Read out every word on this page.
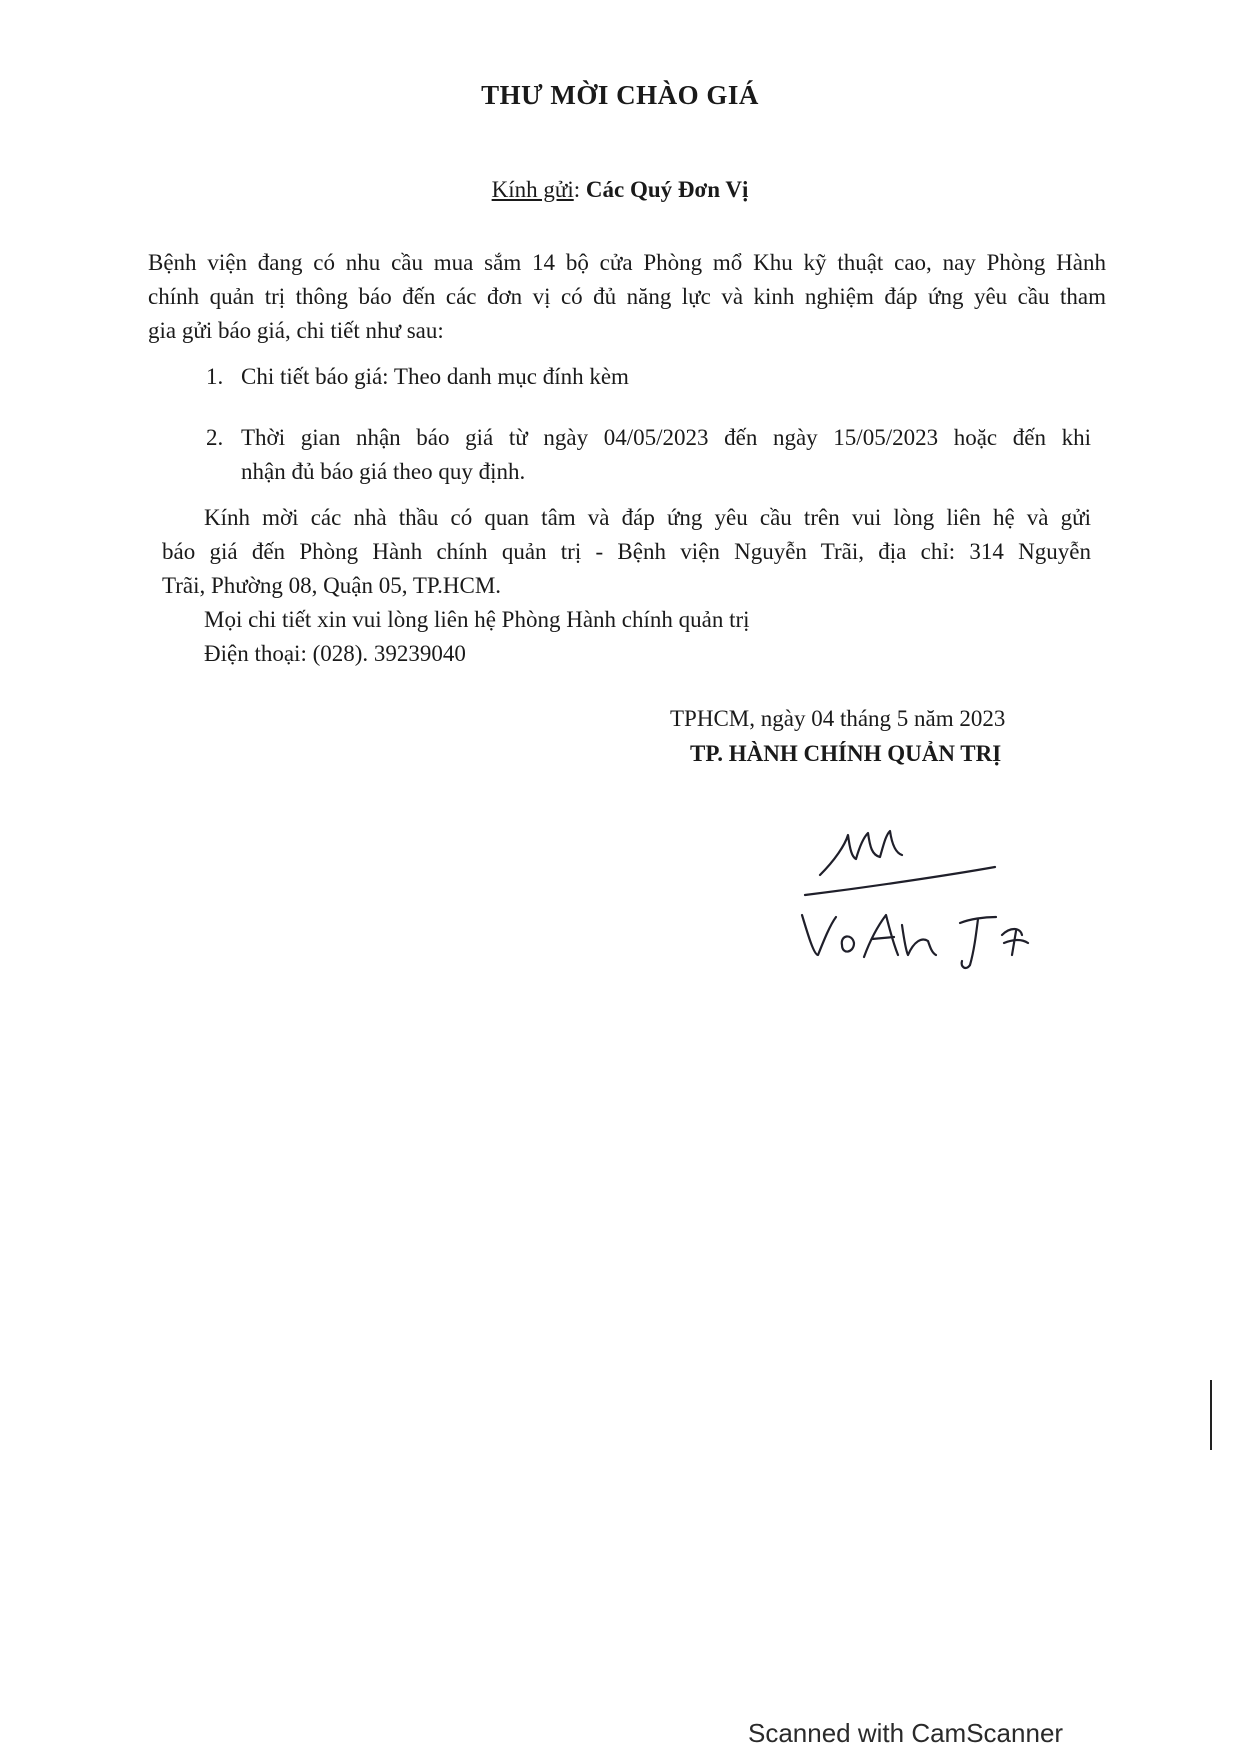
THƯ MỜI CHÀO GIÁ
Kính gửi: Các Quý Đơn Vị
Bệnh viện đang có nhu cầu mua sắm 14 bộ cửa Phòng mổ Khu kỹ thuật cao, nay Phòng Hành
chính quản trị thông báo đến các đơn vị có đủ năng lực và kinh nghiệm đáp ứng yêu cầu tham
gia gửi báo giá, chi tiết như sau:
1. Chi tiết báo giá: Theo danh mục đính kèm
2. Thời gian nhận báo giá từ ngày 04/05/2023 đến ngày 15/05/2023 hoặc đến khi
nhận đủ báo giá theo quy định.
Kính mời các nhà thầu có quan tâm và đáp ứng yêu cầu trên vui lòng liên hệ và gửi
báo giá đến Phòng Hành chính quản trị - Bệnh viện Nguyễn Trãi, địa chỉ: 314 Nguyễn
Trãi, Phường 08, Quận 05, TP.HCM.
Mọi chi tiết xin vui lòng liên hệ Phòng Hành chính quản trị
Điện thoại: (028). 39239040
TPHCM, ngày 04 tháng 5 năm 2023
TP. HÀNH CHÍNH QUẢN TRỊ
Võ Anh Tài
Scanned with CamScanner
